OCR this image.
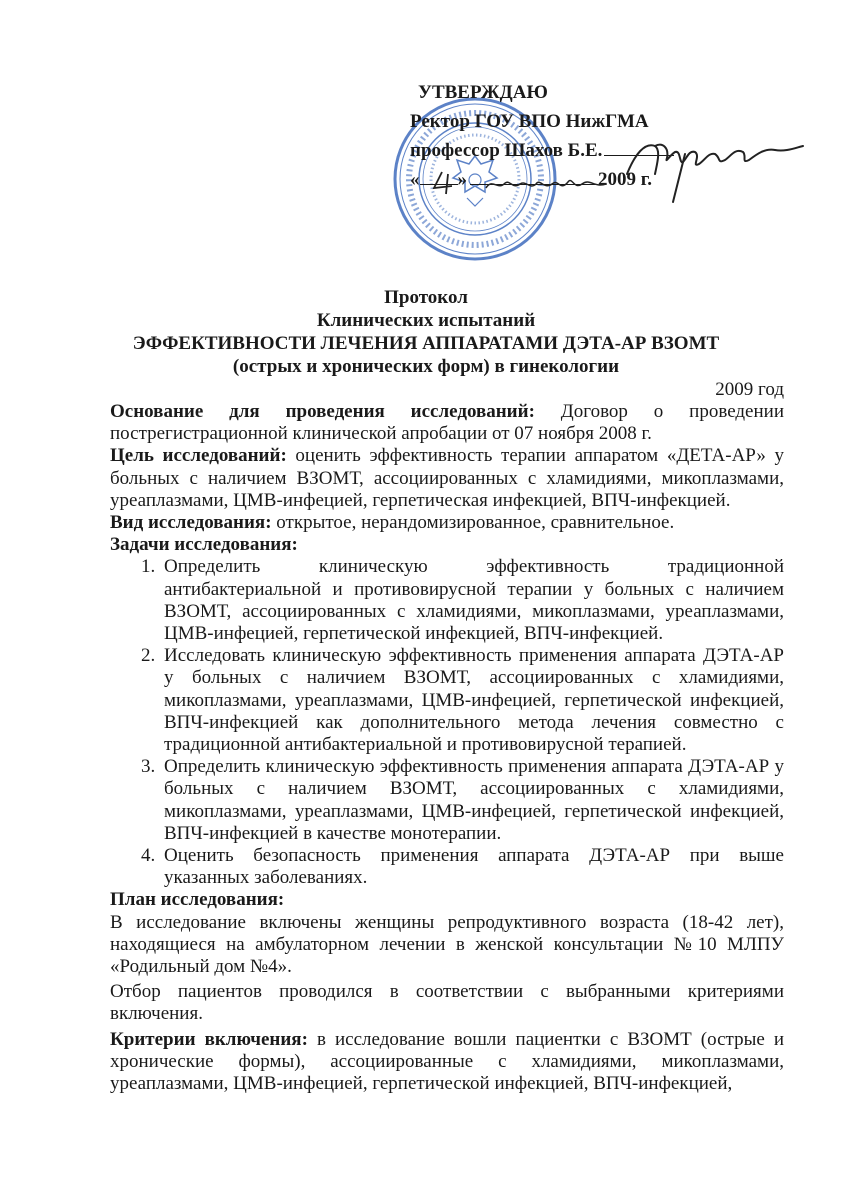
УТВЕРЖДАЮ
Ректор ГОУ ВПО НижГМА
профессор Шахов Б.Е.
« »	2009 г.
Протокол
Клинических испытаний
ЭФФЕКТИВНОСТИ ЛЕЧЕНИЯ АППАРАТАМИ ДЭТА-АР ВЗОМТ
(острых и хронических форм) в гинекологии
2009 год

Основание для проведения исследований: Договор о проведении пострегистрационной клинической апробации от 07 ноября 2008 г.

Цель исследований: оценить эффективность терапии аппаратом «ДЕТА-АР» у больных с наличием ВЗОМТ, ассоциированных с хламидиями, микоплазмами, уреаплазмами, ЦМВ-инфецией, герпетическая инфекцией, ВПЧ-инфекцией.

Вид исследования: открытое, нерандомизированное, сравнительное.

Задачи исследования:

1. Определить клиническую эффективность традиционной антибактериальной и противовирусной терапии у больных с наличием ВЗОМТ, ассоциированных с хламидиями, микоплазмами, уреаплазмами, ЦМВ-инфецией, герпетической инфекцией, ВПЧ-инфекцией.
2. Исследовать клиническую эффективность применения аппарата ДЭТА-АР у больных с наличием ВЗОМТ, ассоциированных с хламидиями, микоплазмами, уреаплазмами, ЦМВ-инфецией, герпетической инфекцией, ВПЧ-инфекцией как дополнительного метода лечения совместно с традиционной антибактериальной и противовирусной терапией.
3. Определить клиническую эффективность применения аппарата ДЭТА-АР у больных с наличием ВЗОМТ, ассоциированных с хламидиями, микоплазмами, уреаплазмами, ЦМВ-инфецией, герпетической инфекцией, ВПЧ-инфекцией в качестве монотерапии.
4. Оценить безопасность применения аппарата ДЭТА-АР при выше указанных заболеваниях.

План исследования:

В исследование включены женщины репродуктивного возраста (18-42 лет), находящиеся на амбулаторном лечении в женской консультации №10 МЛПУ «Родильный дом №4».

Отбор пациентов проводился в соответствии с выбранными критериями включения.

Критерии включения: в исследование вошли пациентки с ВЗОМТ (острые и хронические формы), ассоциированные с хламидиями, микоплазмами, уреаплазмами, ЦМВ-инфецией, герпетической инфекцией, ВПЧ-инфекцией,
